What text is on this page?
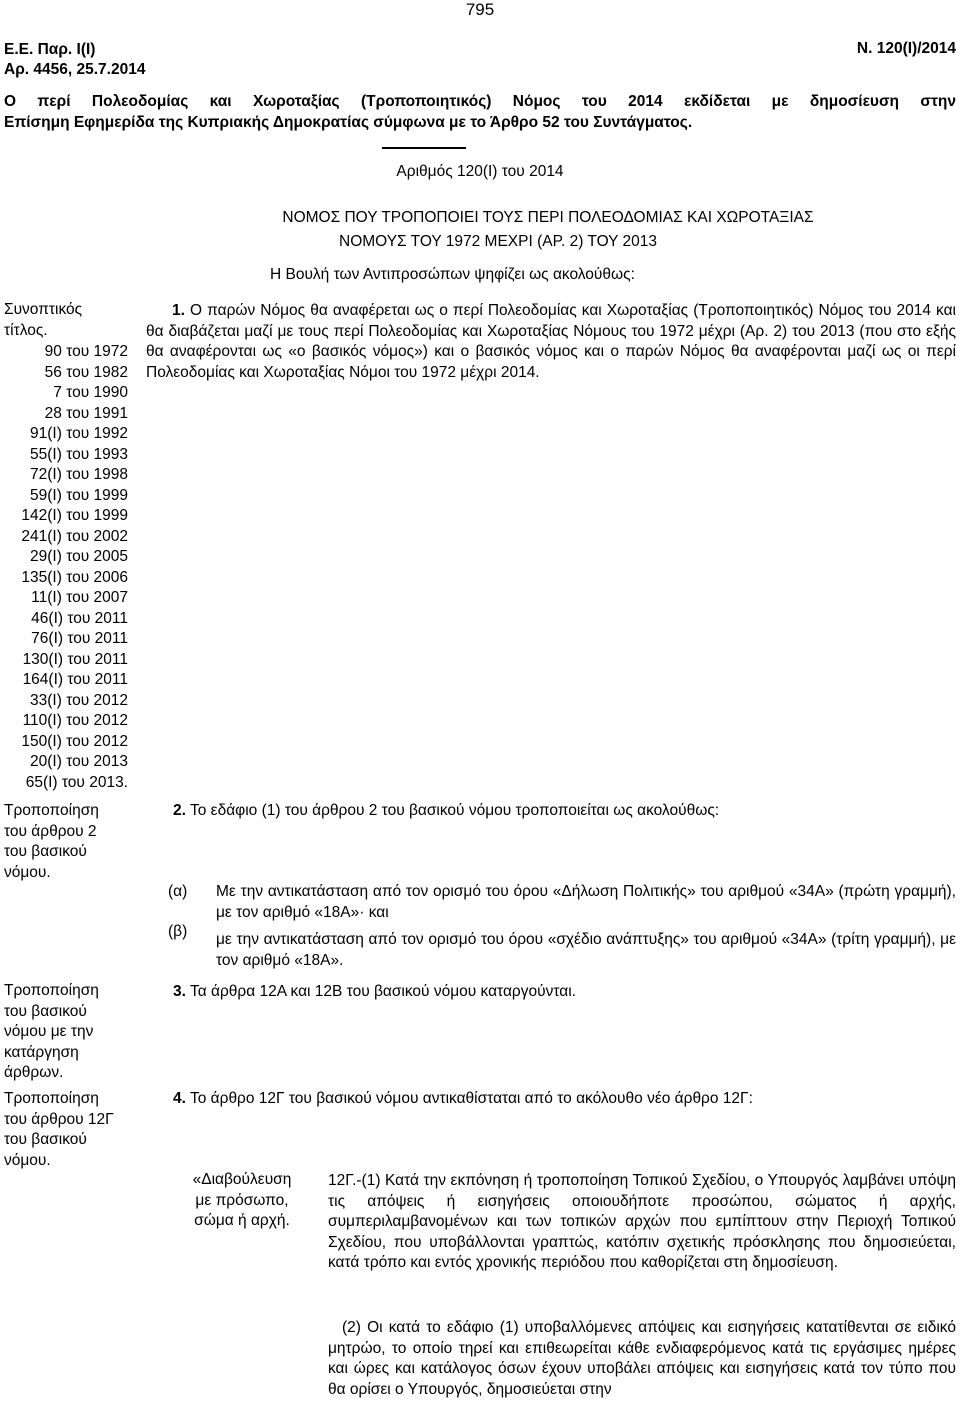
795
Ε.Ε. Παρ. Ι(Ι)
Αρ. 4456, 25.7.2014
Ν. 120(Ι)/2014
Ο περί Πολεοδομίας και Χωροταξίας (Τροποποιητικός) Νόμος του 2014 εκδίδεται με δημοσίευση στην
Επίσημη Εφημερίδα της Κυπριακής Δημοκρατίας σύμφωνα με το Άρθρο 52 του Συντάγματος.
Αριθμός 120(Ι) του 2014
ΝΟΜΟΣ ΠΟΥ ΤΡΟΠΟΠΟΙΕΙ ΤΟΥΣ ΠΕΡΙ ΠΟΛΕΟΔΟΜΙΑΣ ΚΑΙ ΧΩΡΟΤΑΞΙΑΣ
ΝΟΜΟΥΣ ΤΟΥ 1972 ΜΕΧΡΙ (ΑΡ. 2) ΤΟΥ 2013
Η Βουλή των Αντιπροσώπων ψηφίζει ως ακολούθως:
Συνοπτικός
τίτλος.
90 του 1972
56 του 1982
7 του 1990
28 του 1991
91(Ι) του 1992
55(Ι) του 1993
72(Ι) του 1998
59(Ι) του 1999
142(Ι) του 1999
241(Ι) του 2002
29(Ι) του 2005
135(Ι) του 2006
11(Ι) του 2007
46(Ι) του 2011
76(Ι) του 2011
130(Ι) του 2011
164(Ι) του 2011
33(Ι) του 2012
110(Ι) του 2012
150(Ι) του 2012
20(Ι) του 2013
65(Ι) του 2013.
Τροποποίηση
του άρθρου 2
του βασικού
νόμου.
Τροποποίηση
του βασικού
νόμου με την
κατάργηση
άρθρων.
Τροποποίηση
του άρθρου 12Γ
του βασικού
νόμου.
«Διαβούλευση
με πρόσωπο,
σώμα ή αρχή.
1. Ο παρών Νόμος θα αναφέρεται ως ο περί Πολεοδομίας και Χωροταξίας (Τροποποιητικός) Νόμος του 2014 και θα διαβάζεται μαζί με τους περί Πολεοδομίας και Χωροταξίας Νόμους του 1972 μέχρι (Αρ. 2) του 2013 (που στο εξής θα αναφέρονται ως «ο βασικός νόμος») και ο βασικός νόμος και ο παρών Νόμος θα αναφέρονται μαζί ως οι περί Πολεοδομίας και Χωροταξίας Νόμοι του 1972 μέχρι 2014.
2. Το εδάφιο (1) του άρθρου 2 του βασικού νόμου τροποποιείται ως ακολούθως:
(α) Με την αντικατάσταση από τον ορισμό του όρου «Δήλωση Πολιτικής» του αριθμού «34Α» (πρώτη γραμμή), με τον αριθμό «18Α»· και
(β) με την αντικατάσταση από τον ορισμό του όρου «σχέδιο ανάπτυξης» του αριθμού «34Α» (τρίτη γραμμή), με τον αριθμό «18Α».
3. Τα άρθρα 12Α και 12Β του βασικού νόμου καταργούνται.
4. Το άρθρο 12Γ του βασικού νόμου αντικαθίσταται από το ακόλουθο νέο άρθρο 12Γ:
12Γ.-(1) Κατά την εκπόνηση ή τροποποίηση Τοπικού Σχεδίου, ο Υπουργός λαμβάνει υπόψη τις απόψεις ή εισηγήσεις οποιουδήποτε προσώπου, σώματος ή αρχής, συμπεριλαμβανομένων και των τοπικών αρχών που εμπίπτουν στην Περιοχή Τοπικού Σχεδίου, που υποβάλλονται γραπτώς, κατόπιν σχετικής πρόσκλησης που δημοσιεύεται, κατά τρόπο και εντός χρονικής περιόδου που καθορίζεται στη δημοσίευση.
(2) Οι κατά το εδάφιο (1) υποβαλλόμενες απόψεις και εισηγήσεις κατατίθενται σε ειδικό μητρώο, το οποίο τηρεί και επιθεωρείται κάθε ενδιαφερόμενος κατά τις εργάσιμες ημέρες και ώρες και κατάλογος όσων έχουν υποβάλει απόψεις και εισηγήσεις κατά τον τύπο που θα ορίσει ο Υπουργός, δημοσιεύεται στην
